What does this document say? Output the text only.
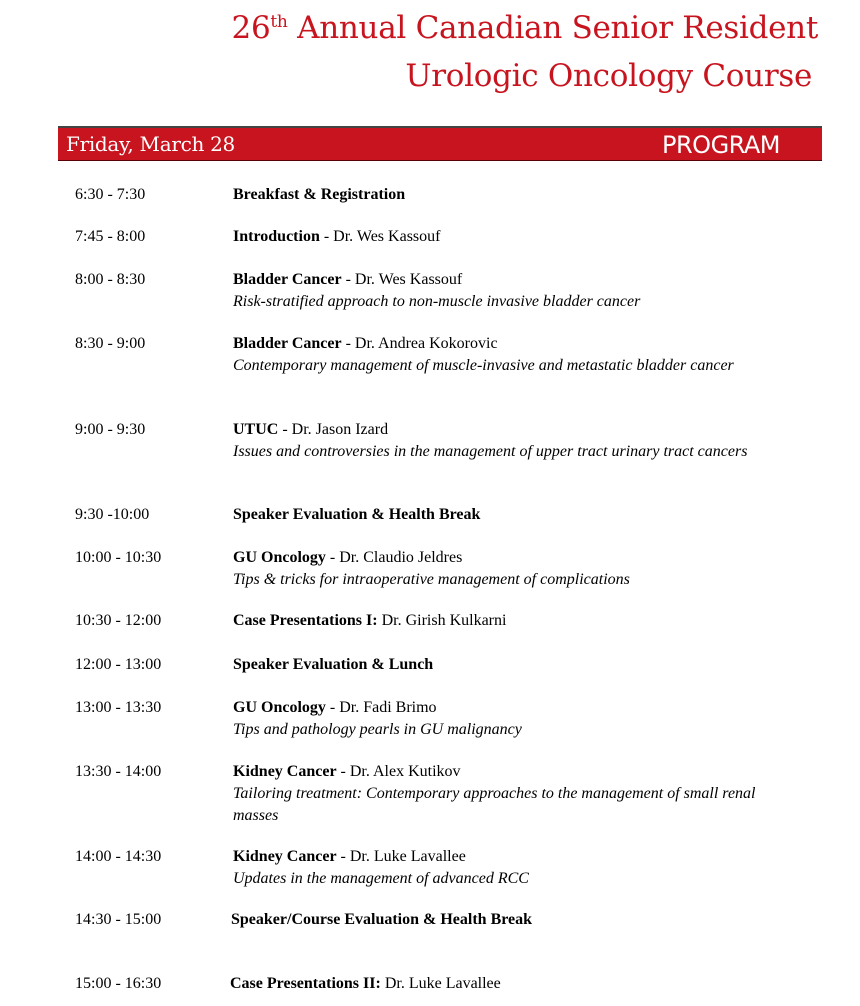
26th Annual Canadian Senior Resident
Urologic Oncology Course
Friday, March 28	PROGRAM
6:30 - 7:30	Breakfast & Registration
7:45 - 8:00	Introduction - Dr. Wes Kassouf
8:00 - 8:30	Bladder Cancer - Dr. Wes Kassouf
Risk-stratified approach to non-muscle invasive bladder cancer
8:30 - 9:00	Bladder Cancer - Dr. Andrea Kokorovic
Contemporary management of muscle-invasive and metastatic bladder cancer
9:00 - 9:30	UTUC - Dr. Jason Izard
Issues and controversies in the management of upper tract urinary tract cancers
9:30 -10:00	Speaker Evaluation & Health Break
10:00 - 10:30	GU Oncology - Dr. Claudio Jeldres
Tips & tricks for intraoperative management of complications
10:30 - 12:00	Case Presentations I: Dr. Girish Kulkarni
12:00 - 13:00	Speaker Evaluation & Lunch
13:00 - 13:30	GU Oncology - Dr. Fadi Brimo
Tips and pathology pearls in GU malignancy
13:30 - 14:00	Kidney Cancer - Dr. Alex Kutikov
Tailoring treatment: Contemporary approaches to the management of small renal masses
14:00 - 14:30	Kidney Cancer - Dr. Luke Lavallee
Updates in the management of advanced RCC
14:30 - 15:00	Speaker/Course Evaluation & Health Break
15:00 - 16:30	Case Presentations II: Dr. Luke Lavallee
